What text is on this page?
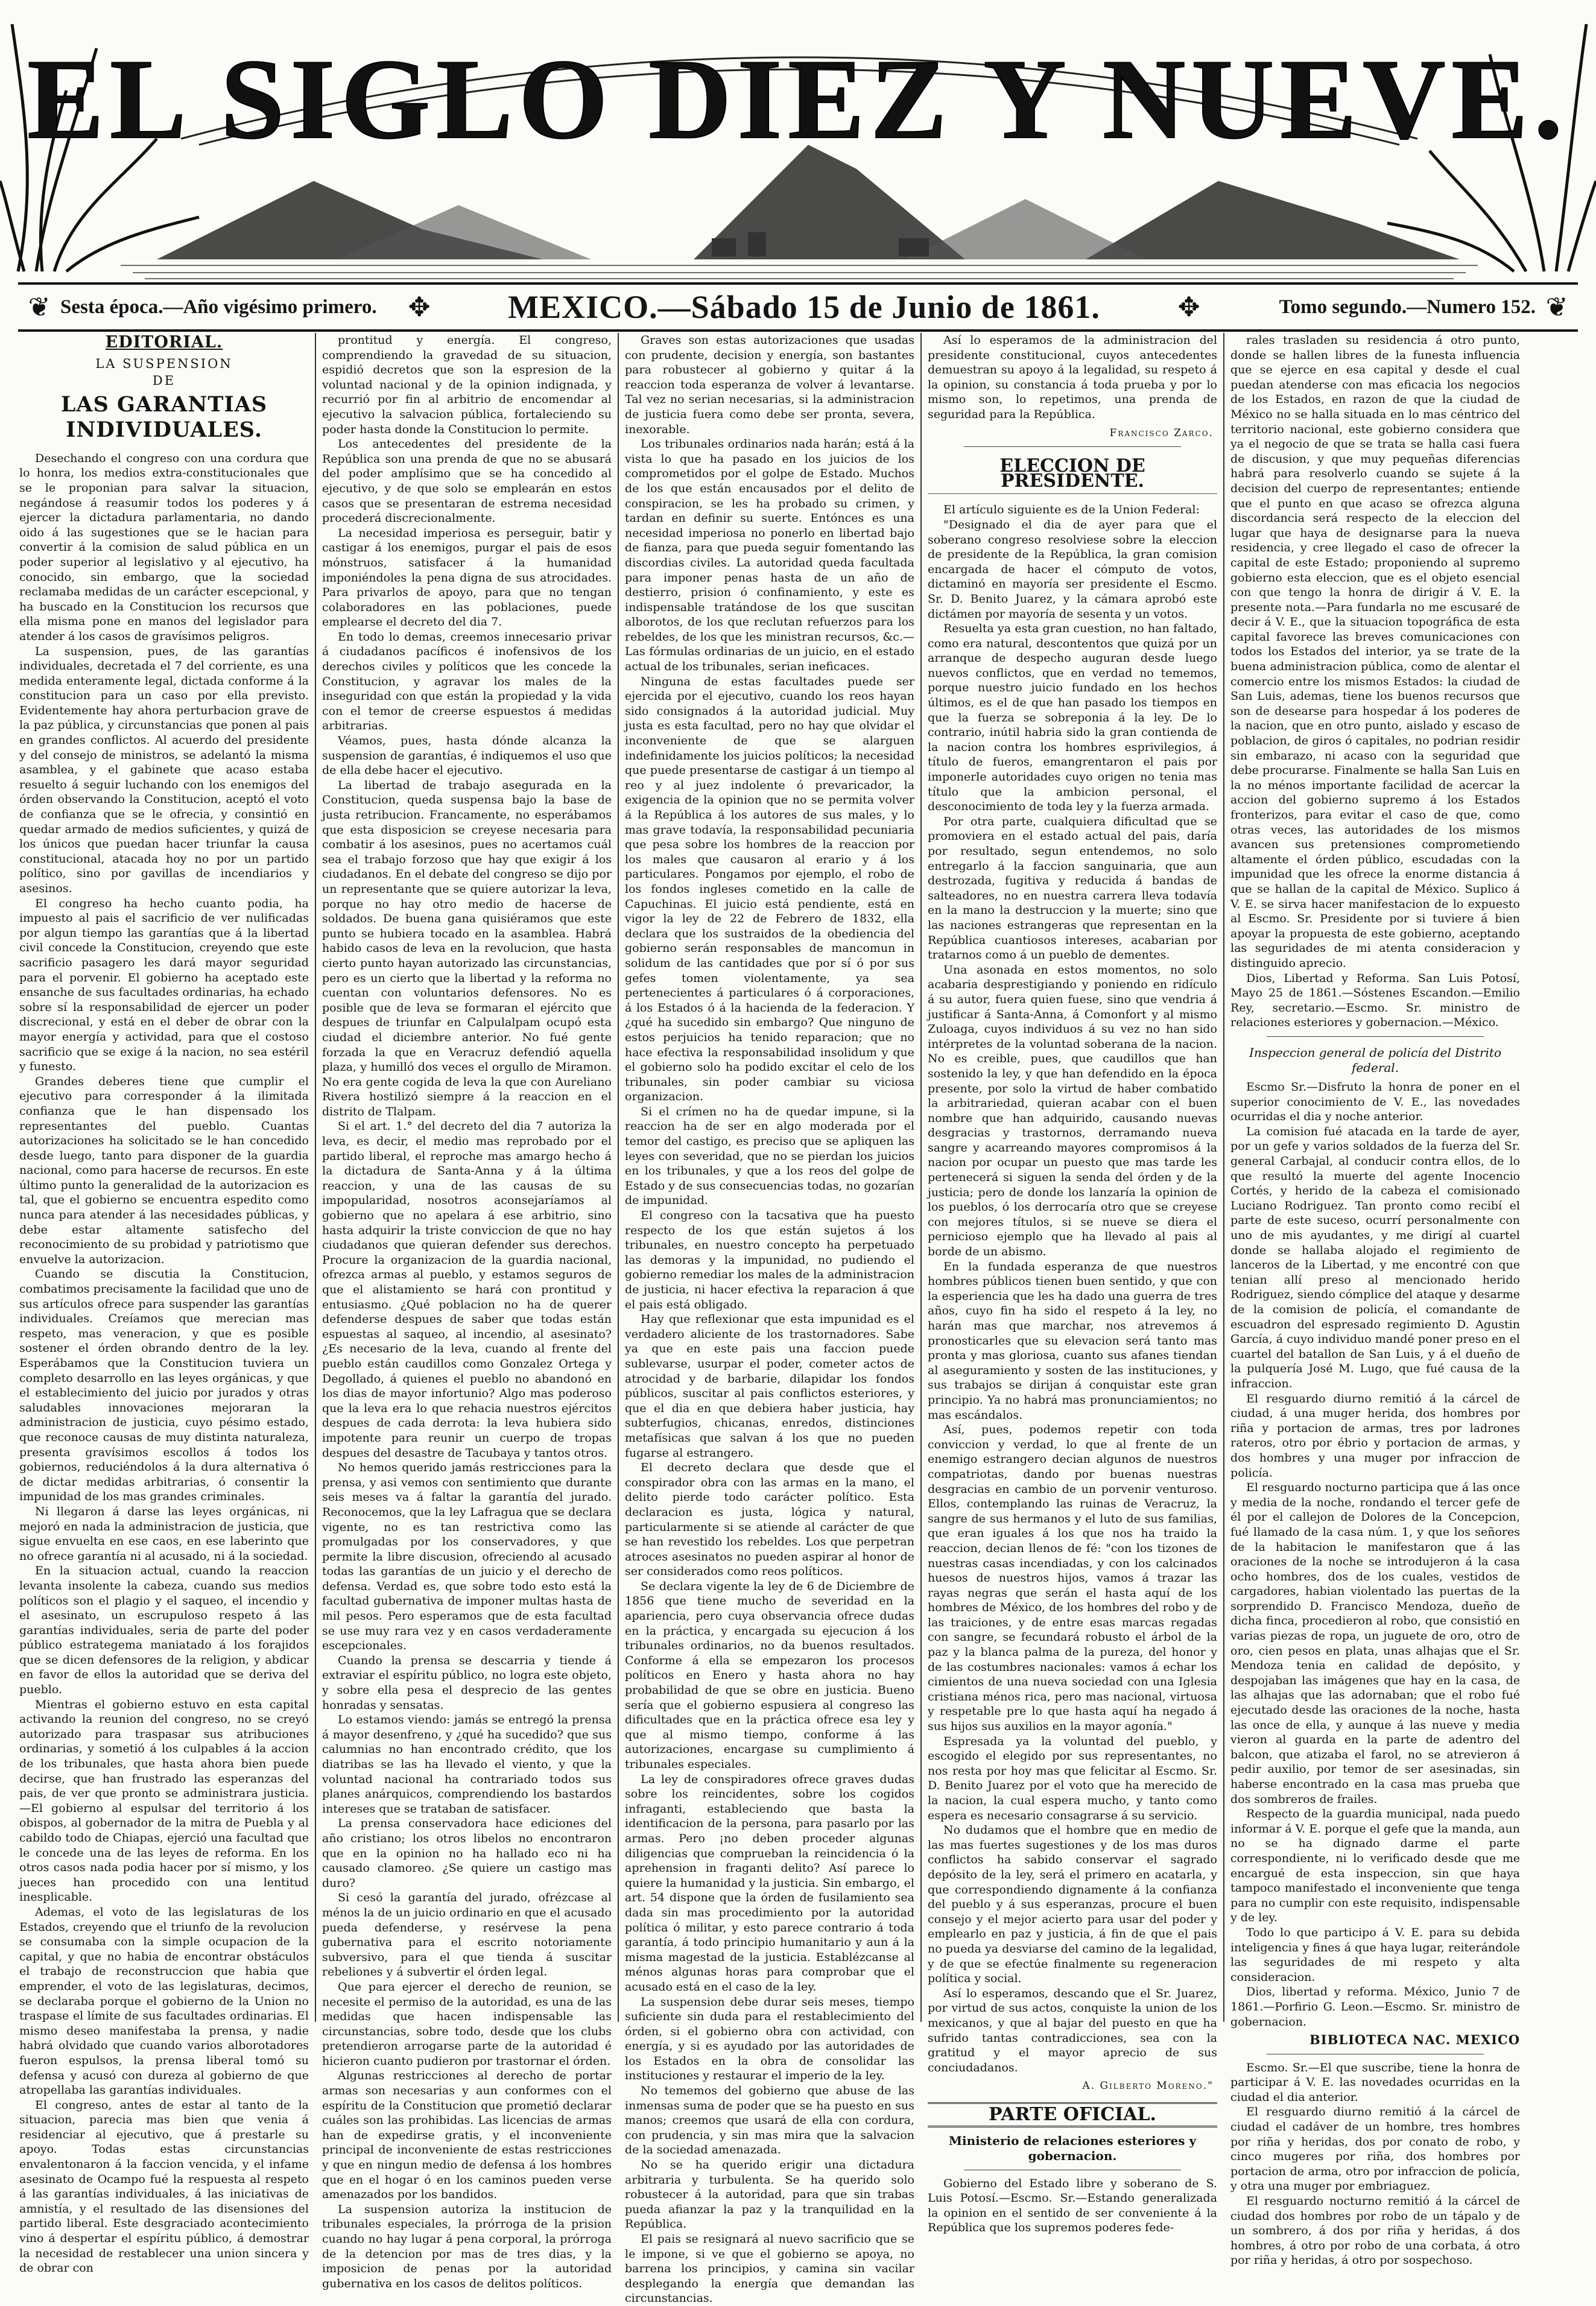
EL SIGLO DIEZ Y NUEVE.
❦ Sesta época.—Año vigésimo primero.	✥	MEXICO.—Sábado 15 de Junio de 1861.	✥	Tomo segundo.—Numero 152. ❦
EDITORIAL.
LA SUSPENSION
DE
LAS GARANTIAS INDIVIDUALES.

Desechando el congreso con una cordura que lo honra, los medios extra-constitucionales que se le proponian para salvar la situacion, negándose á reasumir todos los poderes y á ejercer la dictadura parlamentaria, no dando oido á las sugestiones que se le hacian para convertir á la comision de salud pública en un poder superior al legislativo y al ejecutivo, ha conocido, sin embargo, que la sociedad reclamaba medidas de un carácter escepcional, y ha buscado en la Constitucion los recursos que ella misma pone en manos del legislador para atender á los casos de gravísimos peligros.

La suspension, pues, de las garantías individuales, decretada el 7 del corriente, es una medida enteramente legal, dictada conforme á la constitucion para un caso por ella previsto. Evidentemente hay ahora perturbacion grave de la paz pública, y circunstancias que ponen al pais en grandes conflictos. Al acuerdo del presidente y del consejo de ministros, se adelantó la misma asamblea, y el gabinete que acaso estaba resuelto á seguir luchando con los enemigos del órden observando la Constitucion, aceptó el voto de confianza que se le ofrecia, y consintió en quedar armado de medios suficientes, y quizá de los únicos que puedan hacer triunfar la causa constitucional, atacada hoy no por un partido político, sino por gavillas de incendiarios y asesinos.

El congreso ha hecho cuanto podia, ha impuesto al pais el sacrificio de ver nulificadas por algun tiempo las garantías que á la libertad civil concede la Constitucion, creyendo que este sacrificio pasagero les dará mayor seguridad para el porvenir. El gobierno ha aceptado este ensanche de sus facultades ordinarias, ha echado sobre sí la responsabilidad de ejercer un poder discrecional, y está en el deber de obrar con la mayor energía y actividad, para que el costoso sacrificio que se exige á la nacion, no sea estéril y funesto.

Grandes deberes tiene que cumplir el ejecutivo para corresponder á la ilimitada confianza que le han dispensado los representantes del pueblo. Cuantas autorizaciones ha solicitado se le han concedido desde luego, tanto para disponer de la guardia nacional, como para hacerse de recursos. En este último punto la generalidad de la autorizacion es tal, que el gobierno se encuentra espedito como nunca para atender á las necesidades públicas, y debe estar altamente satisfecho del reconocimiento de su probidad y patriotismo que envuelve la autorizacion.

Cuando se discutia la Constitucion, combatimos precisamente la facilidad que uno de sus artículos ofrece para suspender las garantías individuales. Creíamos que merecian mas respeto, mas veneracion, y que es posible sostener el órden obrando dentro de la ley. Esperábamos que la Constitucion tuviera un completo desarrollo en las leyes orgánicas, y que el establecimiento del juicio por jurados y otras saludables innovaciones mejoraran la administracion de justicia, cuyo pésimo estado, que reconoce causas de muy distinta naturaleza, presenta gravísimos escollos á todos los gobiernos, reduciéndolos á la dura alternativa ó de dictar medidas arbitrarias, ó consentir la impunidad de los mas grandes criminales.

Ni llegaron á darse las leyes orgánicas, ni mejoró en nada la administracion de justicia, que sigue envuelta en ese caos, en ese laberinto que no ofrece garantía ni al acusado, ni á la sociedad.

En la situacion actual, cuando la reaccion levanta insolente la cabeza, cuando sus medios políticos son el plagio y el saqueo, el incendio y el asesinato, un escrupuloso respeto á las garantías individuales, seria de parte del poder público estrategema maniatado á los forajidos que se dicen defensores de la religion, y abdicar en favor de ellos la autoridad que se deriva del pueblo.

Mientras el gobierno estuvo en esta capital activando la reunion del congreso, no se creyó autorizado para traspasar sus atribuciones ordinarias, y sometió á los culpables á la accion de los tribunales, que hasta ahora bien puede decirse, que han frustrado las esperanzas del pais, de ver que pronto se administrara justicia. —El gobierno al espulsar del territorio á los obispos, al gobernador de la mitra de Puebla y al cabildo todo de Chiapas, ejerció una facultad que le concede una de las leyes de reforma. En los otros casos nada podia hacer por sí mismo, y los jueces han procedido con una lentitud inesplicable.

Ademas, el voto de las legislaturas de los Estados, creyendo que el triunfo de la revolucion se consumaba con la simple ocupacion de la capital, y que no habia de encontrar obstáculos el trabajo de reconstruccion que habia que emprender, el voto de las legislaturas, decimos, se declaraba porque el gobierno de la Union no traspase el límite de sus facultades ordinarias. El mismo deseo manifestaba la prensa, y nadie habrá olvidado que cuando varios alborotadores fueron espulsos, la prensa liberal tomó su defensa y acusó con dureza al gobierno de que atropellaba las garantías individuales.

El congreso, antes de estar al tanto de la situacion, parecia mas bien que venia á residenciar al ejecutivo, que á prestarle su apoyo. Todas estas circunstancias envalentonaron á la faccion vencida, y el infame asesinato de Ocampo fué la respuesta al respeto á las garantías individuales, á las iniciativas de amnistía, y el resultado de las disensiones del partido liberal. Este desgraciado acontecimiento vino á despertar el espíritu público, á demostrar la necesidad de restablecer una union sincera y de obrar con

prontitud y energía. El congreso, comprendiendo la gravedad de su situacion, espidió decretos que son la espresion de la voluntad nacional y de la opinion indignada, y recurrió por fin al arbitrio de encomendar al ejecutivo la salvacion pública, fortaleciendo su poder hasta donde la Constitucion lo permite.

Los antecedentes del presidente de la República son una prenda de que no se abusará del poder amplísimo que se ha concedido al ejecutivo, y de que solo se emplearán en estos casos que se presentaran de estrema necesidad procederá discrecionalmente.

La necesidad imperiosa es perseguir, batir y castigar á los enemigos, purgar el pais de esos mónstruos, satisfacer á la humanidad imponiéndoles la pena digna de sus atrocidades. Para privarlos de apoyo, para que no tengan colaboradores en las poblaciones, puede emplearse el decreto del dia 7.

En todo lo demas, creemos innecesario privar á ciudadanos pacíficos é inofensivos de los derechos civiles y políticos que les concede la Constitucion, y agravar los males de la inseguridad con que están la propiedad y la vida con el temor de creerse espuestos á medidas arbitrarias.

Véamos, pues, hasta dónde alcanza la suspension de garantías, é indiquemos el uso que de ella debe hacer el ejecutivo.

La libertad de trabajo asegurada en la Constitucion, queda suspensa bajo la base de justa retribucion. Francamente, no esperábamos que esta disposicion se creyese necesaria para combatir á los asesinos, pues no acertamos cuál sea el trabajo forzoso que hay que exigir á los ciudadanos. En el debate del congreso se dijo por un representante que se quiere autorizar la leva, porque no hay otro medio de hacerse de soldados. De buena gana quisiéramos que este punto se hubiera tocado en la asamblea. Habrá habido casos de leva en la revolucion, que hasta cierto punto hayan autorizado las circunstancias, pero es un cierto que la libertad y la reforma no cuentan con voluntarios defensores. No es posible que de leva se formaran el ejército que despues de triunfar en Calpulalpam ocupó esta ciudad el diciembre anterior. No fué gente forzada la que en Veracruz defendió aquella plaza, y humilló dos veces el orgullo de Miramon. No era gente cogida de leva la que con Aureliano Rivera hostilizó siempre á la reaccion en el distrito de Tlalpam.

Si el art. 1.° del decreto del dia 7 autoriza la leva, es decir, el medio mas reprobado por el partido liberal, el reproche mas amargo hecho á la dictadura de Santa-Anna y á la última reaccion, y una de las causas de su impopularidad, nosotros aconsejaríamos al gobierno que no apelara á ese arbitrio, sino hasta adquirir la triste conviccion de que no hay ciudadanos que quieran defender sus derechos. Procure la organizacion de la guardia nacional, ofrezca armas al pueblo, y estamos seguros de que el alistamiento se hará con prontitud y entusiasmo. ¿Qué poblacion no ha de querer defenderse despues de saber que todas están espuestas al saqueo, al incendio, al asesinato? ¿Es necesario de la leva, cuando al frente del pueblo están caudillos como Gonzalez Ortega y Degollado, á quienes el pueblo no abandonó en los dias de mayor infortunio? Algo mas poderoso que la leva era lo que rehacia nuestros ejércitos despues de cada derrota: la leva hubiera sido impotente para reunir un cuerpo de tropas despues del desastre de Tacubaya y tantos otros.

No hemos querido jamás restricciones para la prensa, y asi vemos con sentimiento que durante seis meses va á faltar la garantía del jurado. Reconocemos, que la ley Lafragua que se declara vigente, no es tan restrictiva como las promulgadas por los conservadores, y que permite la libre discusion, ofreciendo al acusado todas las garantías de un juicio y el derecho de defensa. Verdad es, que sobre todo esto está la facultad gubernativa de imponer multas hasta de mil pesos. Pero esperamos que de esta facultad se use muy rara vez y en casos verdaderamente escepcionales.

Cuando la prensa se descarria y tiende á extraviar el espíritu público, no logra este objeto, y sobre ella pesa el desprecio de las gentes honradas y sensatas.

Lo estamos viendo: jamás se entregó la prensa á mayor desenfreno, y ¿qué ha sucedido? que sus calumnias no han encontrado crédito, que los diatribas se las ha llevado el viento, y que la voluntad nacional ha contrariado todos sus planes anárquicos, comprendiendo los bastardos intereses que se trataban de satisfacer.

La prensa conservadora hace ediciones del año cristiano; los otros libelos no encontraron que en la opinion no ha hallado eco ni ha causado clamoreo. ¿Se quiere un castigo mas duro?

Si cesó la garantía del jurado, ofrézcase al ménos la de un juicio ordinario en que el acusado pueda defenderse, y resérvese la pena gubernativa para el escrito notoriamente subversivo, para el que tienda á suscitar rebeliones y á subvertir el órden legal.

Que para ejercer el derecho de reunion, se necesite el permiso de la autoridad, es una de las medidas que hacen indispensable las circunstancias, sobre todo, desde que los clubs pretendieron arrogarse parte de la autoridad é hicieron cuanto pudieron por trastornar el órden.

Algunas restricciones al derecho de portar armas son necesarias y aun conformes con el espíritu de la Constitucion que prometió declarar cuáles son las prohibidas. Las licencias de armas han de expedirse gratis, y el inconveniente principal de inconveniente de estas restricciones y que en ningun medio de defensa á los hombres que en el hogar ó en los caminos pueden verse amenazados por los bandidos.

La suspension autoriza la institucion de tribunales especiales, la prórroga de la prision cuando no hay lugar á pena corporal, la prórroga de la detencion por mas de tres dias, y la imposicion de penas por la autoridad gubernativa en los casos de delitos políticos.

Graves son estas autorizaciones que usadas con prudente, decision y energía, son bastantes para robustecer al gobierno y quitar á la reaccion toda esperanza de volver á levantarse. Tal vez no serian necesarias, si la administracion de justicia fuera como debe ser pronta, severa, inexorable.

Los tribunales ordinarios nada harán; está á la vista lo que ha pasado en los juicios de los comprometidos por el golpe de Estado. Muchos de los que están encausados por el delito de conspiracion, se les ha probado su crimen, y tardan en definir su suerte. Entónces es una necesidad imperiosa no ponerlo en libertad bajo de fianza, para que pueda seguir fomentando las discordias civiles. La autoridad queda facultada para imponer penas hasta de un año de destierro, prision ó confinamiento, y este es indispensable tratándose de los que suscitan alborotos, de los que reclutan refuerzos para los rebeldes, de los que les ministran recursos, &c.—Las fórmulas ordinarias de un juicio, en el estado actual de los tribunales, serian ineficaces.

Ninguna de estas facultades puede ser ejercida por el ejecutivo, cuando los reos hayan sido consignados á la autoridad judicial. Muy justa es esta facultad, pero no hay que olvidar el inconveniente de que se alarguen indefinidamente los juicios políticos; la necesidad que puede presentarse de castigar á un tiempo al reo y al juez indolente ó prevaricador, la exigencia de la opinion que no se permita volver á la República á los autores de sus males, y lo mas grave todavía, la responsabilidad pecuniaria que pesa sobre los hombres de la reaccion por los males que causaron al erario y á los particulares. Pongamos por ejemplo, el robo de los fondos ingleses cometido en la calle de Capuchinas. El juicio está pendiente, está en vigor la ley de 22 de Febrero de 1832, ella declara que los sustraidos de la obediencia del gobierno serán responsables de mancomun in solidum de las cantidades que por sí ó por sus gefes tomen violentamente, ya sea pertenecientes á particulares ó á corporaciones, á los Estados ó á la hacienda de la federacion. Y ¿qué ha sucedido sin embargo? Que ninguno de estos perjuicios ha tenido reparacion; que no hace efectiva la responsabilidad insolidum y que el gobierno solo ha podido excitar el celo de los tribunales, sin poder cambiar su viciosa organizacion.

Si el crímen no ha de quedar impune, si la reaccion ha de ser en algo moderada por el temor del castigo, es preciso que se apliquen las leyes con severidad, que no se pierdan los juicios en los tribunales, y que a los reos del golpe de Estado y de sus consecuencias todas, no gozarían de impunidad.

El congreso con la tacsativa que ha puesto respecto de los que están sujetos á los tribunales, en nuestro concepto ha perpetuado las demoras y la impunidad, no pudiendo el gobierno remediar los males de la administracion de justicia, ni hacer efectiva la reparacion á que el pais está obligado.

Hay que reflexionar que esta impunidad es el verdadero aliciente de los trastornadores. Sabe ya que en este pais una faccion puede sublevarse, usurpar el poder, cometer actos de atrocidad y de barbarie, dilapidar los fondos públicos, suscitar al pais conflictos esteriores, y que el dia en que debiera haber justicia, hay subterfugios, chicanas, enredos, distinciones metafísicas que salvan á los que no pueden fugarse al estrangero.

El decreto declara que desde que el conspirador obra con las armas en la mano, el delito pierde todo carácter político. Esta declaracion es justa, lógica y natural, particularmente si se atiende al carácter de que se han revestido los rebeldes. Los que perpetran atroces asesinatos no pueden aspirar al honor de ser considerados como reos políticos.

Se declara vigente la ley de 6 de Diciembre de 1856 que tiene mucho de severidad en la apariencia, pero cuya observancia ofrece dudas en la práctica, y encargada su ejecucion á los tribunales ordinarios, no da buenos resultados. Conforme á ella se empezaron los procesos políticos en Enero y hasta ahora no hay probabilidad de que se obre en justicia. Bueno sería que el gobierno espusiera al congreso las dificultades que en la práctica ofrece esa ley y que al mismo tiempo, conforme á las autorizaciones, encargase su cumplimiento á tribunales especiales.

La ley de conspiradores ofrece graves dudas sobre los reincidentes, sobre los cogidos infraganti, estableciendo que basta la identificacion de la persona, para pasarlo por las armas. Pero ¡no deben proceder algunas diligencias que comprueban la reincidencia ó la aprehension in fraganti delito? Así parece lo quiere la humanidad y la justicia. Sin embargo, el art. 54 dispone que la órden de fusilamiento sea dada sin mas procedimiento por la autoridad política ó militar, y esto parece contrario á toda garantía, á todo principio humanitario y aun á la misma magestad de la justicia. Establézcanse al ménos algunas horas para comprobar que el acusado está en el caso de la ley.

La suspension debe durar seis meses, tiempo suficiente sin duda para el restablecimiento del órden, si el gobierno obra con actividad, con energía, y si es ayudado por las autoridades de los Estados en la obra de consolidar las instituciones y restaurar el imperio de la ley.

No tememos del gobierno que abuse de las inmensas suma de poder que se ha puesto en sus manos; creemos que usará de ella con cordura, con prudencia, y sin mas mira que la salvacion de la sociedad amenazada.

No se ha querido erigir una dictadura arbitraria y turbulenta. Se ha querido solo robustecer á la autoridad, para que sin trabas pueda afianzar la paz y la tranquilidad en la República.

El pais se resignará al nuevo sacrificio que se le impone, si ve que el gobierno se apoya, no barrena los principios, y camina sin vacilar desplegando la energía que demandan las circunstancias.

Así lo esperamos de la administracion del presidente constitucional, cuyos antecedentes demuestran su apoyo á la legalidad, su respeto á la opinion, su constancia á toda prueba y por lo mismo son, lo repetimos, una prenda de seguridad para la República.

Francisco Zarco.
ELECCION DE PRESIDENTE.

El artículo siguiente es de la Union Federal:

"Designado el dia de ayer para que el soberano congreso resolviese sobre la eleccion de presidente de la República, la gran comision encargada de hacer el cómputo de votos, dictaminó en mayoría ser presidente el Escmo. Sr. D. Benito Juarez, y la cámara aprobó este dictámen por mayoría de sesenta y un votos.

Resuelta ya esta gran cuestion, no han faltado, como era natural, descontentos que quizá por un arranque de despecho auguran desde luego nuevos conflictos, que en verdad no tememos, porque nuestro juicio fundado en los hechos últimos, es el de que han pasado los tiempos en que la fuerza se sobreponia á la ley. De lo contrario, inútil habria sido la gran contienda de la nacion contra los hombres esprivilegios, á título de fueros, emangrentaron el pais por imponerle autoridades cuyo origen no tenia mas título que la ambicion personal, el desconocimiento de toda ley y la fuerza armada.

Por otra parte, cualquiera dificultad que se promoviera en el estado actual del pais, daría por resultado, segun entendemos, no solo entregarlo á la faccion sanguinaria, que aun destrozada, fugitiva y reducida á bandas de salteadores, no en nuestra carrera lleva todavía en la mano la destruccion y la muerte; sino que las naciones estrangeras que representan en la República cuantiosos intereses, acabarian por tratarnos como á un pueblo de dementes.

Una asonada en estos momentos, no solo acabaria desprestigiando y poniendo en ridículo á su autor, fuera quien fuese, sino que vendria á justificar á Santa-Anna, á Comonfort y al mismo Zuloaga, cuyos individuos á su vez no han sido intérpretes de la voluntad soberana de la nacion. No es creible, pues, que caudillos que han sostenido la ley, y que han defendido en la época presente, por solo la virtud de haber combatido la arbitrariedad, quieran acabar con el buen nombre que han adquirido, causando nuevas desgracias y trastornos, derramando nueva sangre y acarreando mayores compromisos á la nacion por ocupar un puesto que mas tarde les pertenecerá si siguen la senda del órden y de la justicia; pero de donde los lanzaría la opinion de los pueblos, ó los derrocaría otro que se creyese con mejores títulos, si se nueve se diera el pernicioso ejemplo que ha llevado al pais al borde de un abismo.

En la fundada esperanza de que nuestros hombres públicos tienen buen sentido, y que con la esperiencia que les ha dado una guerra de tres años, cuyo fin ha sido el respeto á la ley, no harán mas que marchar, nos atrevemos á pronosticarles que su elevacion será tanto mas pronta y mas gloriosa, cuanto sus afanes tiendan al aseguramiento y sosten de las instituciones, y sus trabajos se dirijan á conquistar este gran principio. Ya no habrá mas pronunciamientos; no mas escándalos.

Así, pues, podemos repetir con toda conviccion y verdad, lo que al frente de un enemigo estrangero decian algunos de nuestros compatriotas, dando por buenas nuestras desgracias en cambio de un porvenir venturoso. Ellos, contemplando las ruinas de Veracruz, la sangre de sus hermanos y el luto de sus familias, que eran iguales á los que nos ha traido la reaccion, decian llenos de fé: "con los tizones de nuestras casas incendiadas, y con los calcinados huesos de nuestros hijos, vamos á trazar las rayas negras que serán el hasta aquí de los hombres de México, de los hombres del robo y de las traiciones, y de entre esas marcas regadas con sangre, se fecundará robusto el árbol de la paz y la blanca palma de la pureza, del honor y de las costumbres nacionales: vamos á echar los cimientos de una nueva sociedad con una Iglesia cristiana ménos rica, pero mas nacional, virtuosa y respetable pre lo que hasta aquí ha negado á sus hijos sus auxilios en la mayor agonía."

Espresada ya la voluntad del pueblo, y escogido el elegido por sus representantes, no nos resta por hoy mas que felicitar al Escmo. Sr. D. Benito Juarez por el voto que ha merecido de la nacion, la cual espera mucho, y tanto como espera es necesario consagrarse á su servicio.

No dudamos que el hombre que en medio de las mas fuertes sugestiones y de los mas duros conflictos ha sabido conservar el sagrado depósito de la ley, será el primero en acatarla, y que correspondiendo dignamente á la confianza del pueblo y á sus esperanzas, procure el buen consejo y el mejor acierto para usar del poder y emplearlo en paz y justicia, á fin de que el pais no pueda ya desviarse del camino de la legalidad, y de que se efectúe finalmente su regeneracion política y social.

Así lo esperamos, descando que el Sr. Juarez, por virtud de sus actos, conquiste la union de los mexicanos, y que al bajar del puesto en que ha sufrido tantas contradicciones, sea con la gratitud y el mayor aprecio de sus conciudadanos.

A. Gilberto Moreno."
PARTE OFICIAL.
Ministerio de relaciones esteriores y gobernacion.

Gobierno del Estado libre y soberano de S. Luis Potosí.—Escmo. Sr.—Estando generalizada la opinion en el sentido de ser conveniente á la República que los supremos poderes fede-

rales trasladen su residencia á otro punto, donde se hallen libres de la funesta influencia que se ejerce en esa capital y desde el cual puedan atenderse con mas eficacia los negocios de los Estados, en razon de que la ciudad de México no se halla situada en lo mas céntrico del territorio nacional, este gobierno considera que ya el negocio de que se trata se halla casi fuera de discusion, y que muy pequeñas diferencias habrá para resolverlo cuando se sujete á la decision del cuerpo de representantes; entiende que el punto en que acaso se ofrezca alguna discordancia será respecto de la eleccion del lugar que haya de designarse para la nueva residencia, y cree llegado el caso de ofrecer la capital de este Estado; proponiendo al supremo gobierno esta eleccion, que es el objeto esencial con que tengo la honra de dirigir á V. E. la presente nota.—Para fundarla no me escusaré de decir á V. E., que la situacion topográfica de esta capital favorece las breves comunicaciones con todos los Estados del interior, ya se trate de la buena administracion pública, como de alentar el comercio entre los mismos Estados: la ciudad de San Luis, ademas, tiene los buenos recursos que son de desearse para hospedar á los poderes de la nacion, que en otro punto, aislado y escaso de poblacion, de giros ó capitales, no podrian residir sin embarazo, ni acaso con la seguridad que debe procurarse. Finalmente se halla San Luis en la no ménos importante facilidad de acercar la accion del gobierno supremo á los Estados fronterizos, para evitar el caso de que, como otras veces, las autoridades de los mismos avancen sus pretensiones comprometiendo altamente el órden público, escudadas con la impunidad que les ofrece la enorme distancia á que se hallan de la capital de México. Suplico á V. E. se sirva hacer manifestacion de lo expuesto al Escmo. Sr. Presidente por si tuviere á bien apoyar la propuesta de este gobierno, aceptando las seguridades de mi atenta consideracion y distinguido aprecio.

Dios, Libertad y Reforma. San Luis Potosí, Mayo 25 de 1861.—Sóstenes Escandon.—Emilio Rey, secretario.—Escmo. Sr. ministro de relaciones esteriores y gobernacion.—México.

Inspeccion general de policía del Distrito federal.

Escmo Sr.—Disfruto la honra de poner en el superior conocimiento de V. E., las novedades ocurridas el dia y noche anterior.

La comision fué atacada en la tarde de ayer, por un gefe y varios soldados de la fuerza del Sr. general Carbajal, al conducir contra ellos, de lo que resultó la muerte del agente Inocencio Cortés, y herido de la cabeza el comisionado Luciano Rodriguez. Tan pronto como recibí el parte de este suceso, ocurrí personalmente con uno de mis ayudantes, y me dirigí al cuartel donde se hallaba alojado el regimiento de lanceros de la Libertad, y me encontré con que tenian allí preso al mencionado herido Rodriguez, siendo cómplice del ataque y desarme de la comision de policía, el comandante de escuadron del espresado regimiento D. Agustin García, á cuyo individuo mandé poner preso en el cuartel del batallon de San Luis, y á el dueño de la pulquería José M. Lugo, que fué causa de la infraccion.

El resguardo diurno remitió á la cárcel de ciudad, á una muger herida, dos hombres por riña y portacion de armas, tres por ladrones rateros, otro por ébrio y portacion de armas, y dos hombres y una muger por infraccion de policía.

El resguardo nocturno participa que á las once y media de la noche, rondando el tercer gefe de él por el callejon de Dolores de la Concepcion, fué llamado de la casa núm. 1, y que los señores de la habitacion le manifestaron que á las oraciones de la noche se introdujeron á la casa ocho hombres, dos de los cuales, vestidos de cargadores, habian violentado las puertas de la sorprendido D. Francisco Mendoza, dueño de dicha finca, procedieron al robo, que consistió en varias piezas de ropa, un juguete de oro, otro de oro, cien pesos en plata, unas alhajas que el Sr. Mendoza tenia en calidad de depósito, y despojaban las imágenes que hay en la casa, de las alhajas que las adornaban; que el robo fué ejecutado desde las oraciones de la noche, hasta las once de ella, y aunque á las nueve y media vieron al guarda en la parte de adentro del balcon, que atizaba el farol, no se atrevieron á pedir auxilio, por temor de ser asesinadas, sin haberse encontrado en la casa mas prueba que dos sombreros de frailes.

Respecto de la guardia municipal, nada puedo informar á V. E. porque el gefe que la manda, aun no se ha dignado darme el parte correspondiente, ni lo verificado desde que me encargué de esta inspeccion, sin que haya tampoco manifestado el inconveniente que tenga para no cumplir con este requisito, indispensable y de ley.

Todo lo que participo á V. E. para su debida inteligencia y fines á que haya lugar, reiterándole las seguridades de mi respeto y alta consideracion.

Dios, libertad y reforma. México, Junio 7 de 1861.—Porfirio G. Leon.—Escmo. Sr. ministro de gobernacion.

BIBLIOTECA NAC. MEXICO

Escmo. Sr.—El que suscribe, tiene la honra de participar á V. E. las novedades ocurridas en la ciudad el dia anterior.

El resguardo diurno remitió á la cárcel de ciudad el cadáver de un hombre, tres hombres por riña y heridas, dos por conato de robo, y cinco mugeres por riña, dos hombres por portacion de arma, otro por infraccion de policía, y otra una muger por embriaguez.

El resguardo nocturno remitió á la cárcel de ciudad dos hombres por robo de un tápalo y de un sombrero, á dos por riña y heridas, á dos hombres, á otro por robo de una corbata, á otro por riña y heridas, á otro por sospechoso.
